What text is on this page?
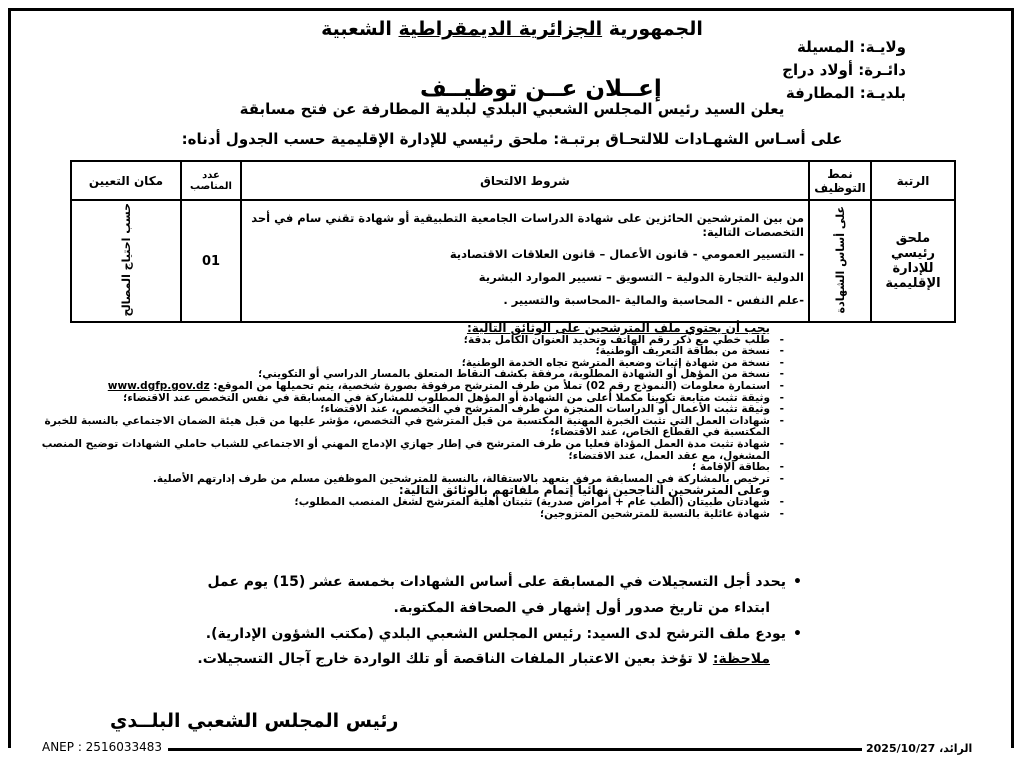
الجمهورية الجزائرية الديمقراطية الشعبية
ولايـة: المسيلة
دائـرة: أولاد دراج
بلديـة: المطارفة
إعــلان عــن توظيــف
يعلن السيد رئيس المجلس الشعبي البلدي لبلدية المطارفة عن فتح مسابقة
على أسـاس الشهـادات للالتحـاق برتبـة: ملحق رئيسي للإدارة الإقليمية حسب الجدول أدناه:
الرتبة	نمط التوظيف	شروط الالتحاق	عدد المناصب	مكان التعيين
ملحق رئيسي للإدارة الإقليمية	على أساس الشهادة	من بين المترشحين الحائزين على شهادة الدراسات الجامعية التطبيقية أو شهادة تقني سام في أحد التخصصات التالية:
- التسيير العمومي - قانون الأعمال – قانون العلاقات الاقتصادية
الدولية -التجارة الدولية – التسويق – تسيير الموارد البشرية
-علم النفس - المحاسبة والمالية -المحاسبة والتسيير .	01	حسب احتياج المصالح
يجب أن يحتوي ملف المترشحين على الوثائق التالية:
- طلب خطي مع ذكر رقم الهاتف وتحديد العنوان الكامل بدقة؛
- نسخة من بطاقة التعريف الوطنية؛
- نسخة من شهادة إثبات وضعية المترشح تجاه الخدمة الوطنية؛
- نسخة من المؤهل أو الشهادة المطلوبة، مرفقة بكشف النقاط المتعلق بالمسار الدراسي أو التكويني؛
- استمارة معلومات (النموذج رقم 02) تملأ من طرف المترشح مرفوقة بصورة شخصية، يتم تحميلها من الموقع: www.dgfp.gov.dz
- وثيقة تثبت متابعة تكوينا مكملا أعلى من الشهادة أو المؤهل المطلوب للمشاركة في المسابقة في نفس التخصص عند الاقتضاء؛
- وثيقة تثبت الأعمال أو الدراسات المنجزة من طرف المترشح في التخصص، عند الاقتضاء؛
- شهادات العمل التي تثبت الخبرة المهنية المكتسبة من قبل المترشح في التخصص، مؤشر عليها من قبل هيئة الضمان الاجتماعي بالنسبة للخبرة المكتسبة في القطاع الخاص، عند الاقتضاء؛
- شهادة تثبت مدة العمل المؤداة فعليا من طرف المترشح في إطار جهازي الإدماج المهني أو الاجتماعي للشباب حاملي الشهادات توضيح المنصب المشغول، مع عقد العمل، عند الاقتضاء؛
- بطاقة الإقامة ؛
- ترخيص بالمشاركة في المسابقة مرفق بتعهد بالاستقالة، بالنسبة للمترشحين الموظفين مسلم من طرف إدارتهم الأصلية.
وعلى المترشحين الناجحين نهائيا إتمام ملفاتهم بالوثائق التالية:
- شهادتان طبيتان (الطب عام + أمراض صدرية) تثبتان أهلية المترشح لشغل المنصب المطلوب؛
- شهادة عائلية بالنسبة للمترشحين المتزوجين؛
• يحدد أجل التسجيلات في المسابقة على أساس الشهادات بخمسة عشر (15) يوم عمل
ابتداء من تاريخ صدور أول إشهار في الصحافة المكتوبة.
• يودع ملف الترشح لدى السيد: رئيس المجلس الشعبي البلدي (مكتب الشؤون الإدارية).
ملاحظة: لا تؤخذ بعين الاعتبار الملفات الناقصة أو تلك الواردة خارج آجال التسجيلات.
رئيس المجلس الشعبي البلــدي
ANEP : 2516033483	الرائد، 2025/10/27
